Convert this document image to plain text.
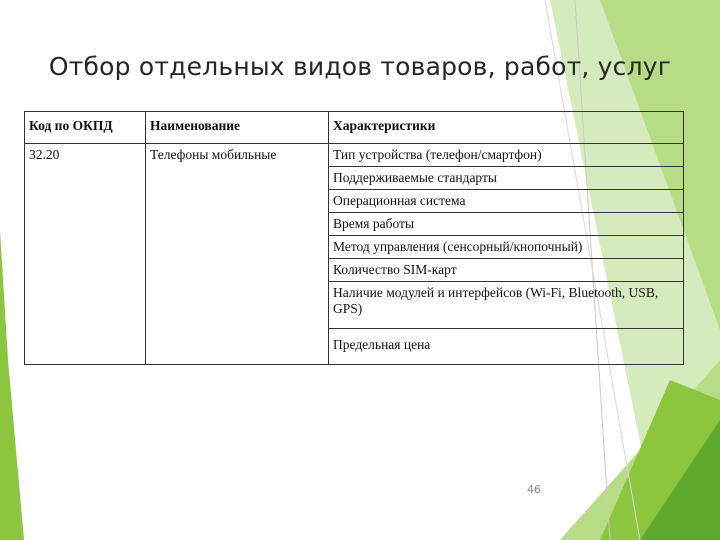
Отбор отдельных видов товаров, работ, услуг
Код по ОКПД	Наименование	Характеристики
32.20	Телефоны мобильные	Тип устройства (телефон/смартфон)
		Поддерживаемые стандарты
		Операционная система
		Время работы
		Метод управления (сенсорный/кнопочный)
		Количество SIM-карт
		Наличие модулей и интерфейсов (Wi-Fi, Bluetooth, USB, GPS)
		Предельная цена
46
